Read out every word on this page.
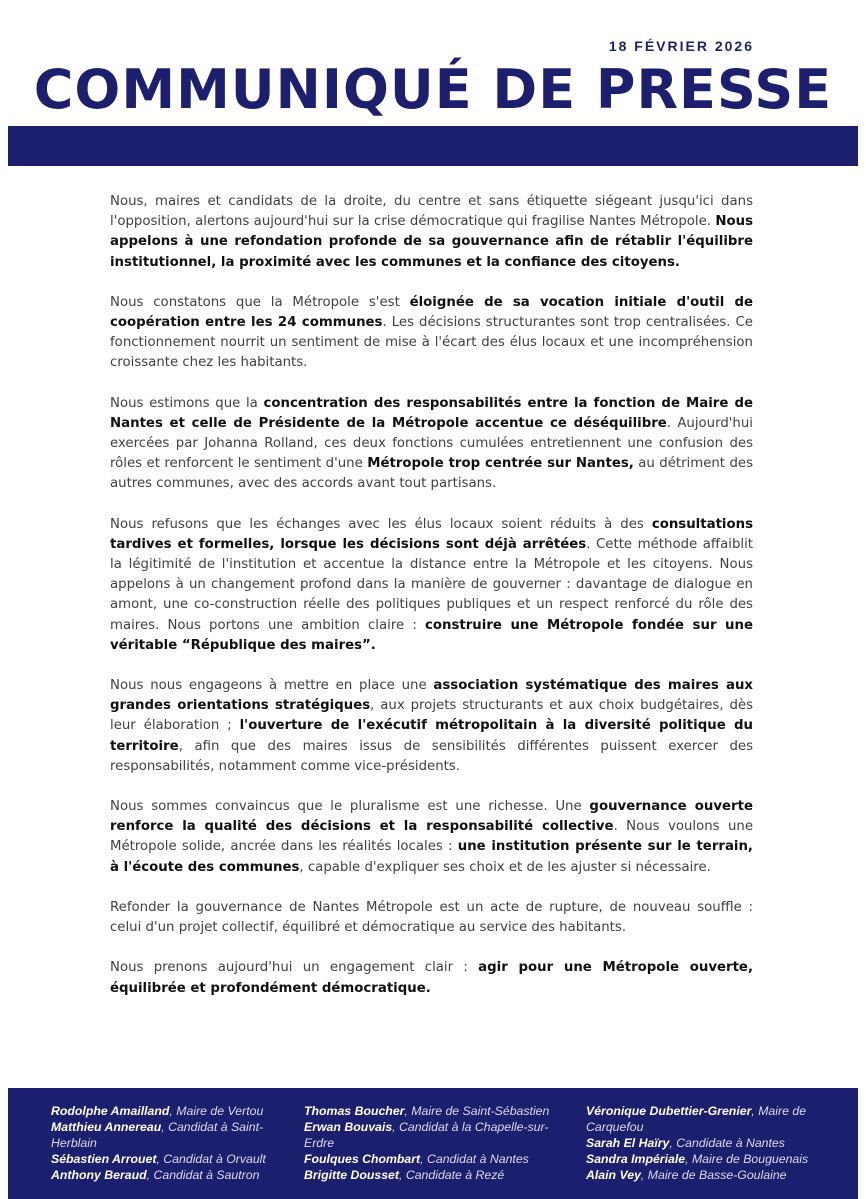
18 FÉVRIER 2026
COMMUNIQUÉ DE PRESSE

Nantes Métropole – Changer de méthode  pour retrouver la confiance

Nous, maires et candidats de la droite, du centre et sans étiquette siégeant jusqu'ici dans l'opposition, alertons aujourd'hui sur la crise démocratique qui fragilise Nantes Métropole. Nous appelons à une refondation profonde de sa gouvernance afin de rétablir l'équilibre institutionnel, la proximité avec les communes et la confiance des citoyens.

Nous constatons que la Métropole s'est éloignée de sa vocation initiale d'outil de coopération entre les 24 communes. Les décisions structurantes sont trop centralisées. Ce fonctionnement nourrit un sentiment de mise à l'écart des élus locaux et une incompréhension croissante chez les habitants.

Nous estimons que la concentration des responsabilités entre la fonction de Maire de Nantes et celle de Présidente de la Métropole accentue ce déséquilibre. Aujourd'hui exercées par Johanna Rolland, ces deux fonctions cumulées entretiennent une confusion des rôles et renforcent le sentiment d'une Métropole trop centrée sur Nantes, au détriment des autres communes, avec des accords avant tout partisans.

Nous refusons que les échanges avec les élus locaux soient réduits à des consultations tardives et formelles, lorsque les décisions sont déjà arrêtées. Cette méthode affaiblit la légitimité de l'institution et accentue la distance entre la Métropole et les citoyens. Nous appelons à un changement profond dans la manière de gouverner : davantage de dialogue en amont, une co-construction réelle des politiques publiques et un respect renforcé du rôle des maires. Nous portons une ambition claire : construire une Métropole fondée sur une véritable “République des maires”.

Nous nous engageons à mettre en place une association systématique des maires aux grandes orientations stratégiques, aux projets structurants et aux choix budgétaires, dès leur élaboration ; l'ouverture de l'exécutif métropolitain à la diversité politique du territoire, afin que des maires issus de sensibilités différentes puissent exercer des responsabilités, notamment comme vice-présidents.

Nous sommes convaincus que le pluralisme est une richesse. Une gouvernance ouverte renforce la qualité des décisions et la responsabilité collective. Nous voulons une Métropole solide, ancrée dans les réalités locales : une institution présente sur le terrain, à l'écoute des communes, capable d'expliquer ses choix et de les ajuster si nécessaire.

Refonder la gouvernance de Nantes Métropole est un acte de rupture, de nouveau souffle : celui d'un projet collectif, équilibré et démocratique au service des habitants.

Nous prenons aujourd'hui un engagement clair : agir pour une Métropole ouverte, équilibrée et profondément démocratique.

Rodolphe Amailland, Maire de Vertou

Matthieu Annereau, Candidat à Saint-Herblain

Sébastien Arrouet, Candidat à Orvault

Anthony Beraud, Candidat à Sautron

Thomas Boucher, Maire de Saint-Sébastien

Erwan Bouvais, Candidat à la Chapelle-sur-Erdre

Foulques Chombart, Candidat à Nantes

Brigitte Dousset, Candidate à Rezé

Véronique Dubettier-Grenier, Maire de Carquefou

Sarah El Haïry, Candidate à Nantes

Sandra Impériale, Maire de Bouguenais

Alain Vey, Maire de Basse-Goulaine
